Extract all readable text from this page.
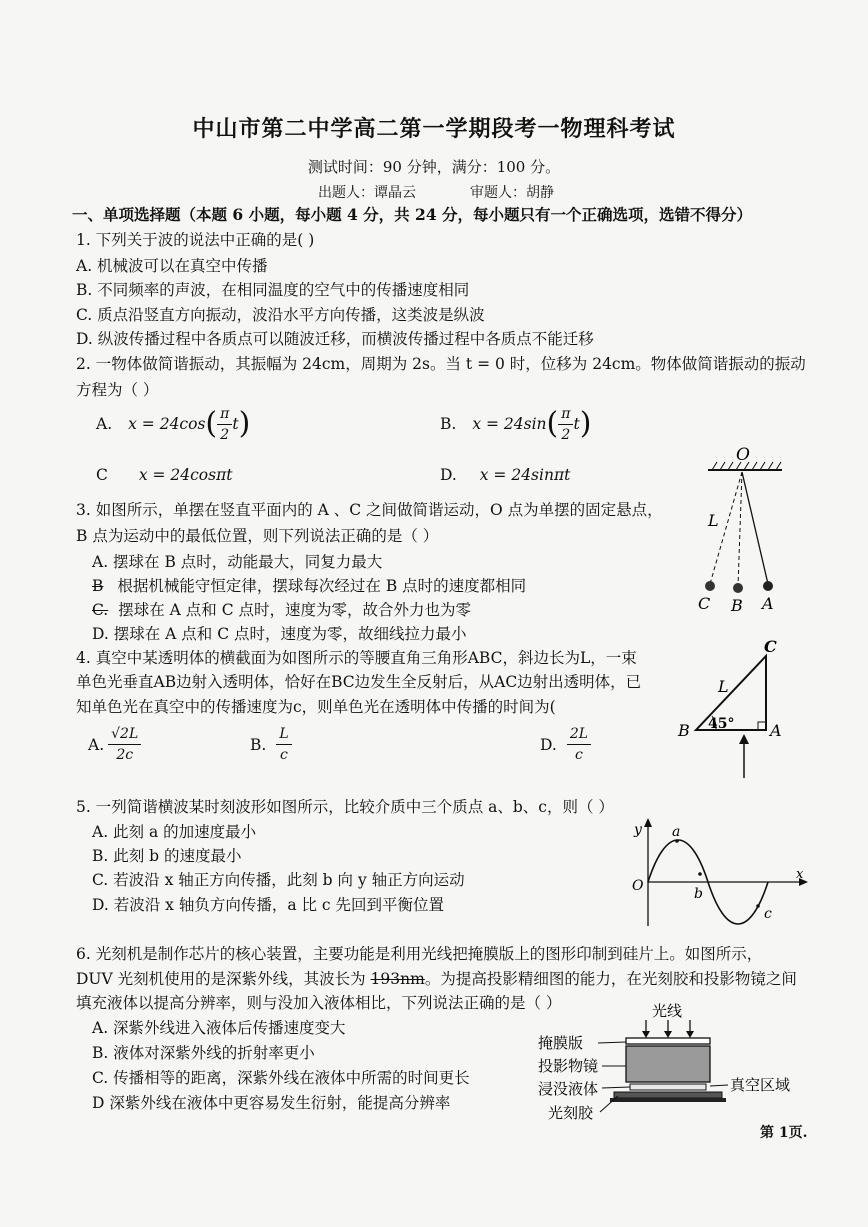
中山市第二中学高二第一学期段考一物理科考试
测试时间：90 分钟，满分：100 分。
出题人：谭晶云	审题人：胡静
一、单项选择题（本题 6 小题，每小题 4 分，共 24 分，每小题只有一个正确选项，选错不得分）
1. 下列关于波的说法中正确的是( )
A. 机械波可以在真空中传播
B. 不同频率的声波，在相同温度的空气中的传播速度相同
C. 质点沿竖直方向振动，波沿水平方向传播，这类波是纵波
D. 纵波传播过程中各质点可以随波迁移，而横波传播过程中各质点不能迁移
2. 一物体做简谐振动，其振幅为 24cm，周期为 2s。当 t = 0 时，位移为 24cm。物体做简谐振动的振动
方程为（ ）
A. x = 24cos ( $\frac{\pi}{2}$ t )	B. x = 24sin ( $\frac{\pi}{2}$ t )
C x = 24cosπt	D. x = 24sinπt
3. 如图所示，单摆在竖直平面内的 A 、C 之间做简谐运动，O 点为单摆的固定悬点，
B 点为运动中的最低位置，则下列说法正确的是（ ）
A. 摆球在 B 点时，动能最大，同复力最大
B 根据机械能守恒定律，摆球每次经过在 B 点时的速度都相同
C. 摆球在 A 点和 C 点时，速度为零，故合外力也为零
D. 摆球在 A 点和 C 点时，速度为零，故细线拉力最小
O
L
C B A
4. 真空中某透明体的横截面为如图所示的等腰直角三角形ABC，斜边长为L，一束
单色光垂直AB边射入透明体，恰好在BC边发生全反射后，从AC边射出透明体，已
知单色光在真空中的传播速度为c，则单色光在透明体中传播的时间为(
A. $\frac{√2L}{2c}$	B. $\frac{L}{c}$	D. $\frac{2L}{c}$
C
L
B 45° A
5. 一列简谐横波某时刻波形如图所示，比较介质中三个质点 a、b、c，则（ ）
A. 此刻 a 的加速度最小
B. 此刻 b 的速度最小
C. 若波沿 x 轴正方向传播，此刻 b 向 y 轴正方向运动
D. 若波沿 x 轴负方向传播，a 比 c 先回到平衡位置
y
x
O
a
b
c
6. 光刻机是制作芯片的核心装置，主要功能是利用光线把掩膜版上的图形印制到硅片上。如图所示，
DUV 光刻机使用的是深紫外线，其波长为 193nm。为提高投影精细图的能力，在光刻胶和投影物镜之间
填充液体以提高分辨率，则与没加入液体相比，下列说法正确的是（ ）
A. 深紫外线进入液体后传播速度变大
B. 液体对深紫外线的折射率更小
C. 传播相等的距离，深紫外线在液体中所需的时间更长
D 深紫外线在液体中更容易发生衍射，能提高分辨率
光线
掩膜版
投影物镜
浸没液体
光刻胶
真空区域
第 1页.
